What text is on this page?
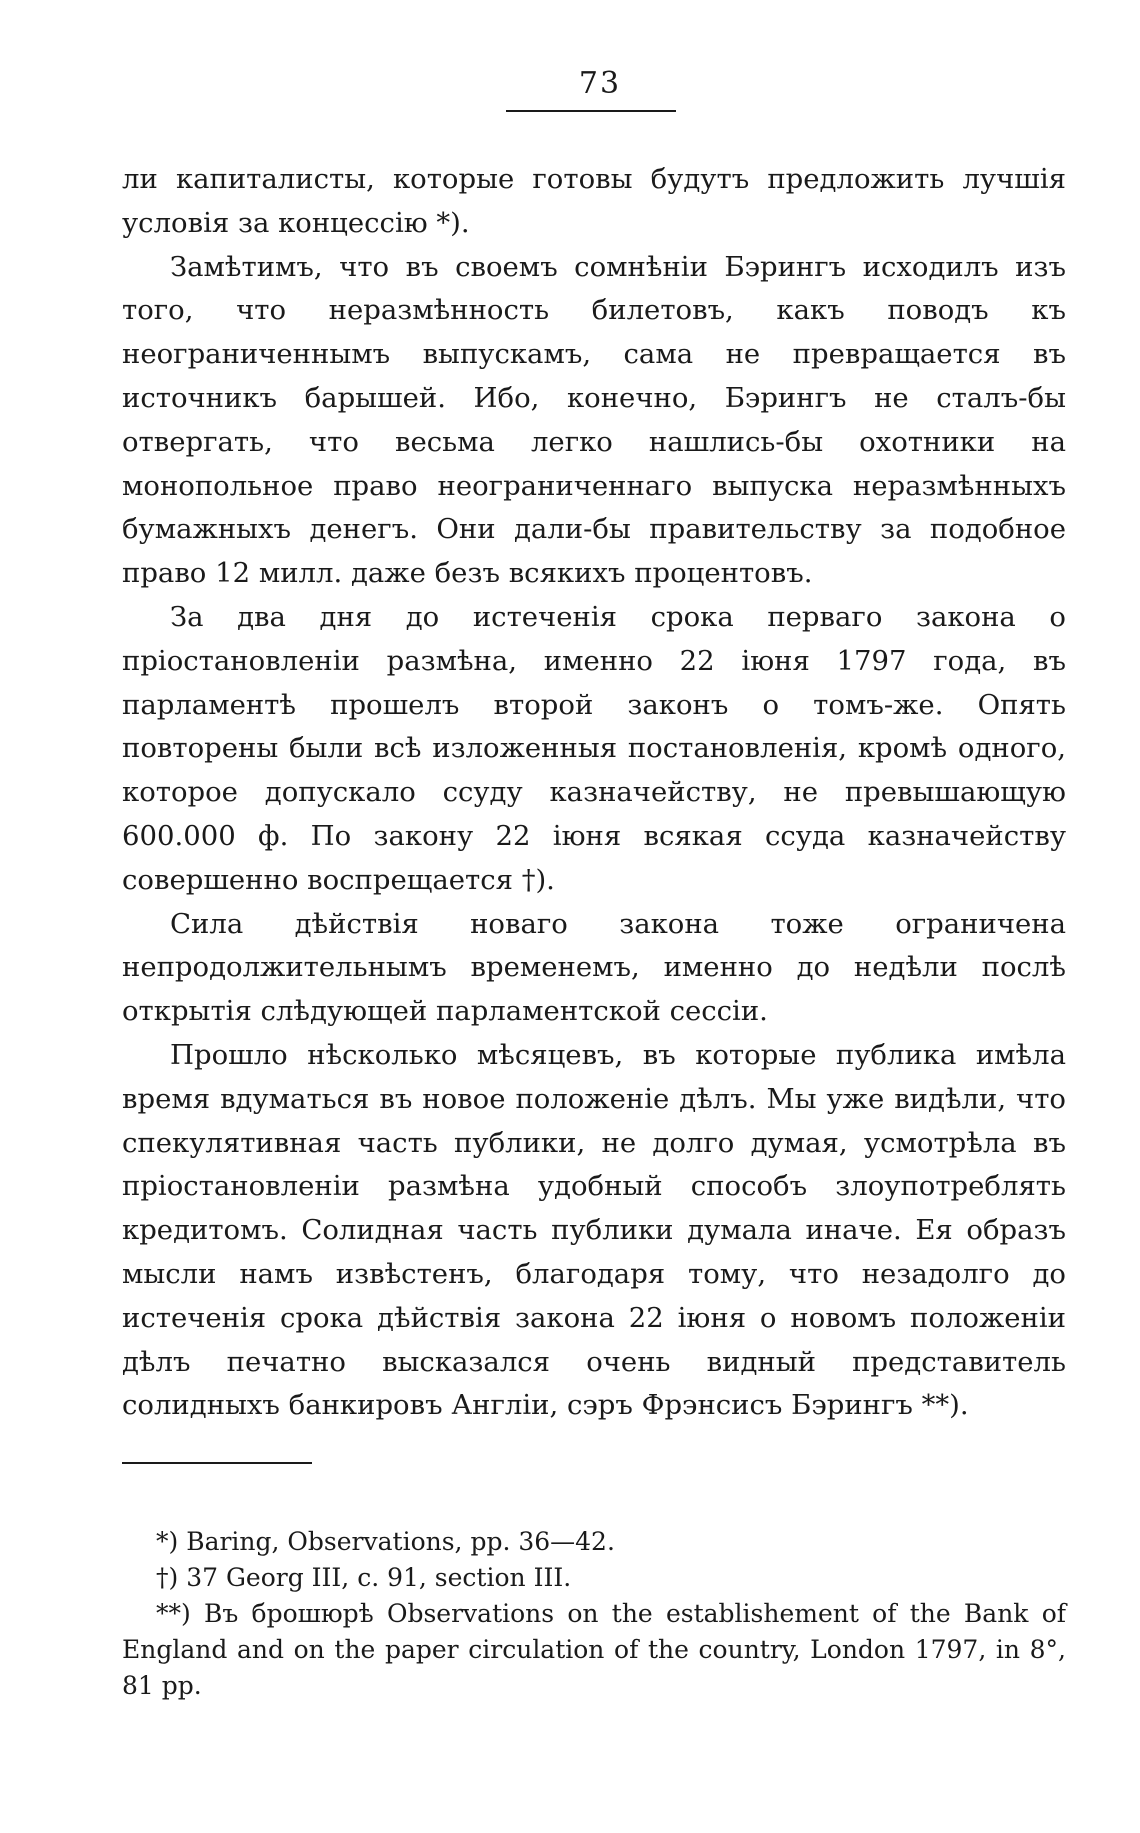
73

ли капиталисты, которые готовы будутъ предложить лучшія условія за концессію *).

Замѣтимъ, что въ своемъ сомнѣніи Бэрингъ исходилъ изъ того, что неразмѣнность билетовъ, какъ поводъ къ неограниченнымъ выпускамъ, сама не превращается въ источникъ барышей. Ибо, конечно, Бэрингъ не сталъ-бы отвергать, что весьма легко нашлись-бы охотники на монопольное право неограниченнаго выпуска неразмѣнныхъ бумажныхъ денегъ. Они дали-бы правительству за подобное право 12 милл. даже безъ всякихъ процентовъ.

За два дня до истеченія срока перваго закона о пріостановленіи размѣна, именно 22 іюня 1797 года, въ парламентѣ прошелъ второй законъ о томъ-же. Опять повторены были всѣ изложенныя постановленія, кромѣ одного, которое допускало ссуду казначейству, не превышающую 600.000 ф. По закону 22 іюня всякая ссуда казначейству совершенно воспрещается †).

Сила дѣйствія новаго закона тоже ограничена непродолжительнымъ временемъ, именно до недѣли послѣ открытія слѣдующей парламентской сессіи.

Прошло нѣсколько мѣсяцевъ, въ которые публика имѣла время вдуматься въ новое положеніе дѣлъ. Мы уже видѣли, что спекулятивная часть публики, не долго думая, усмотрѣла въ пріостановленіи размѣна удобный способъ злоупотреблять кредитомъ. Солидная часть публики думала иначе. Ея образъ мысли намъ извѣстенъ, благодаря тому, что незадолго до истеченія срока дѣйствія закона 22 іюня о новомъ положеніи дѣлъ печатно высказался очень видный представитель солидныхъ банкировъ Англіи, сэръ Фрэнсисъ Бэрингъ **).

*) Baring, Observations, pp. 36—42.

†) 37 Georg III, c. 91, section III.

**) Въ брошюрѣ Observations on the establishement of the Bank of England and on the paper circulation of the country, London 1797, in 8°, 81 pp.
